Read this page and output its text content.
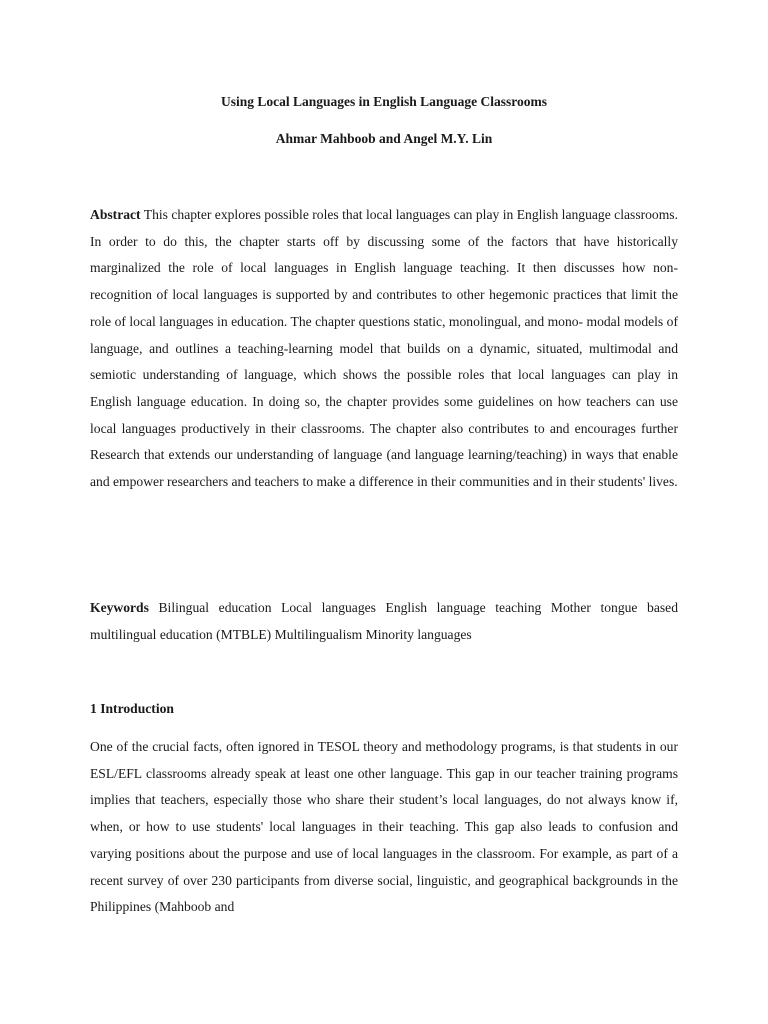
Using Local Languages in English Language Classrooms

Ahmar Mahboob and Angel M.Y. Lin

Abstract This chapter explores possible roles that local languages can play in English language classrooms. In order to do this, the chapter starts off by discussing some of the factors that have historically marginalized the role of local languages in English language teaching. It then discusses how non-recognition of local languages is supported by and contributes to other hegemonic practices that limit the role of local languages in education. The chapter questions static, monolingual, and mono- modal models of language, and outlines a teaching-learning model that builds on a dynamic, situated, multimodal and semiotic understanding of language, which shows the possible roles that local languages can play in English language education. In doing so, the chapter provides some guidelines on how teachers can use local languages productively in their classrooms. The chapter also contributes to and encourages further Research that extends our understanding of language (and language learning/teaching) in ways that enable and empower researchers and teachers to make a difference in their communities and in their students' lives.

Keywords Bilingual education Local languages English language teaching Mother tongue based multilingual education (MTBLE) Multilingualism Minority languages

1 Introduction

One of the crucial facts, often ignored in TESOL theory and methodology programs, is that students in our ESL/EFL classrooms already speak at least one other language. This gap in our teacher training programs implies that teachers, especially those who share their student’s local languages, do not always know if, when, or how to use students' local languages in their teaching. This gap also leads to confusion and varying positions about the purpose and use of local languages in the classroom. For example, as part of a recent survey of over 230 participants from diverse social, linguistic, and geographical backgrounds in the Philippines (Mahboob and
